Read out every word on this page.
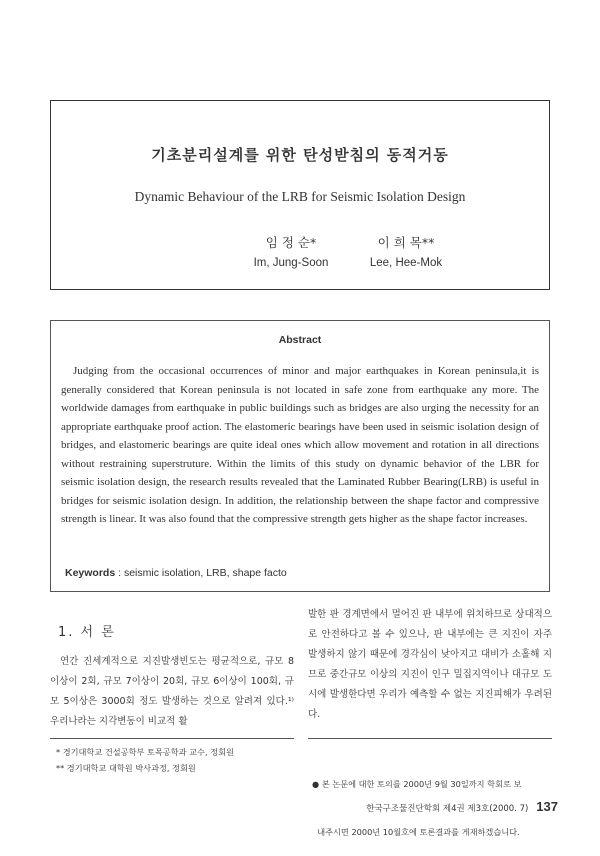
기초분리설계를 위한 탄성받침의 동적거동
Dynamic Behaviour of the LRB for Seismic Isolation Design
임 정 순*
Im, Jung-Soon
이 희 목**
Lee, Hee-Mok
Abstract
Judging from the occasional occurrences of minor and major earthquakes in Korean peninsula,it is generally considered that Korean peninsula is not located in safe zone from earthquake any more. The worldwide damages from earthquake in public buildings such as bridges are also urging the necessity for an appropriate earthquake proof action. The elastomeric bearings have been used in seismic isolation design of bridges, and elastomeric bearings are quite ideal ones which allow movement and rotation in all directions without restraining superstruture. Within the limits of this study on dynamic behavior of the LBR for seismic isolation design, the research results revealed that the Laminated Rubber Bearing(LRB) is useful in bridges for seismic isolation design. In addition, the relationship between the shape factor and compressive strength is linear. It was also found that the compressive strength gets higher as the shape factor increases.
Keywords : seismic isolation, LRB, shape facto
1. 서 론
연간 진세계적으로 지진발생빈도는 평균적으로, 규모 8이상이 2회, 규모 7이상이 20회, 규모 6이상이 100회, 규모 5이상은 3000회 정도 발생하는 것으로 알려져 있다.¹⁾ 우리나라는 지각변동이 비교적 활
발한 판 경계면에서 멀어진 판 내부에 위치하므로 상대적으로 안전하다고 볼 수 있으나, 판 내부에는 큰 지진이 자주 발생하지 않기 때문에 경각심이 낮아지고 대비가 소홀해 지므로 중간규모 이상의 지진이 인구 밀집지역이나 대규모 도시에 발생한다면 우리가 예측할 수 없는 지진피해가 우려된다.
* 경기대학교 건설공학부 토목공학과 교수, 정회원
** 경기대학교 대학원 박사과정, 정회원

● 본 논문에 대한 토의를 2000년 9월 30일까지 학회로 보

내주시면 2000년 10월호에 토론결과를 게재하겠습니다.

한국구조물진단학회 제4권 제3호(2000. 7) 137
